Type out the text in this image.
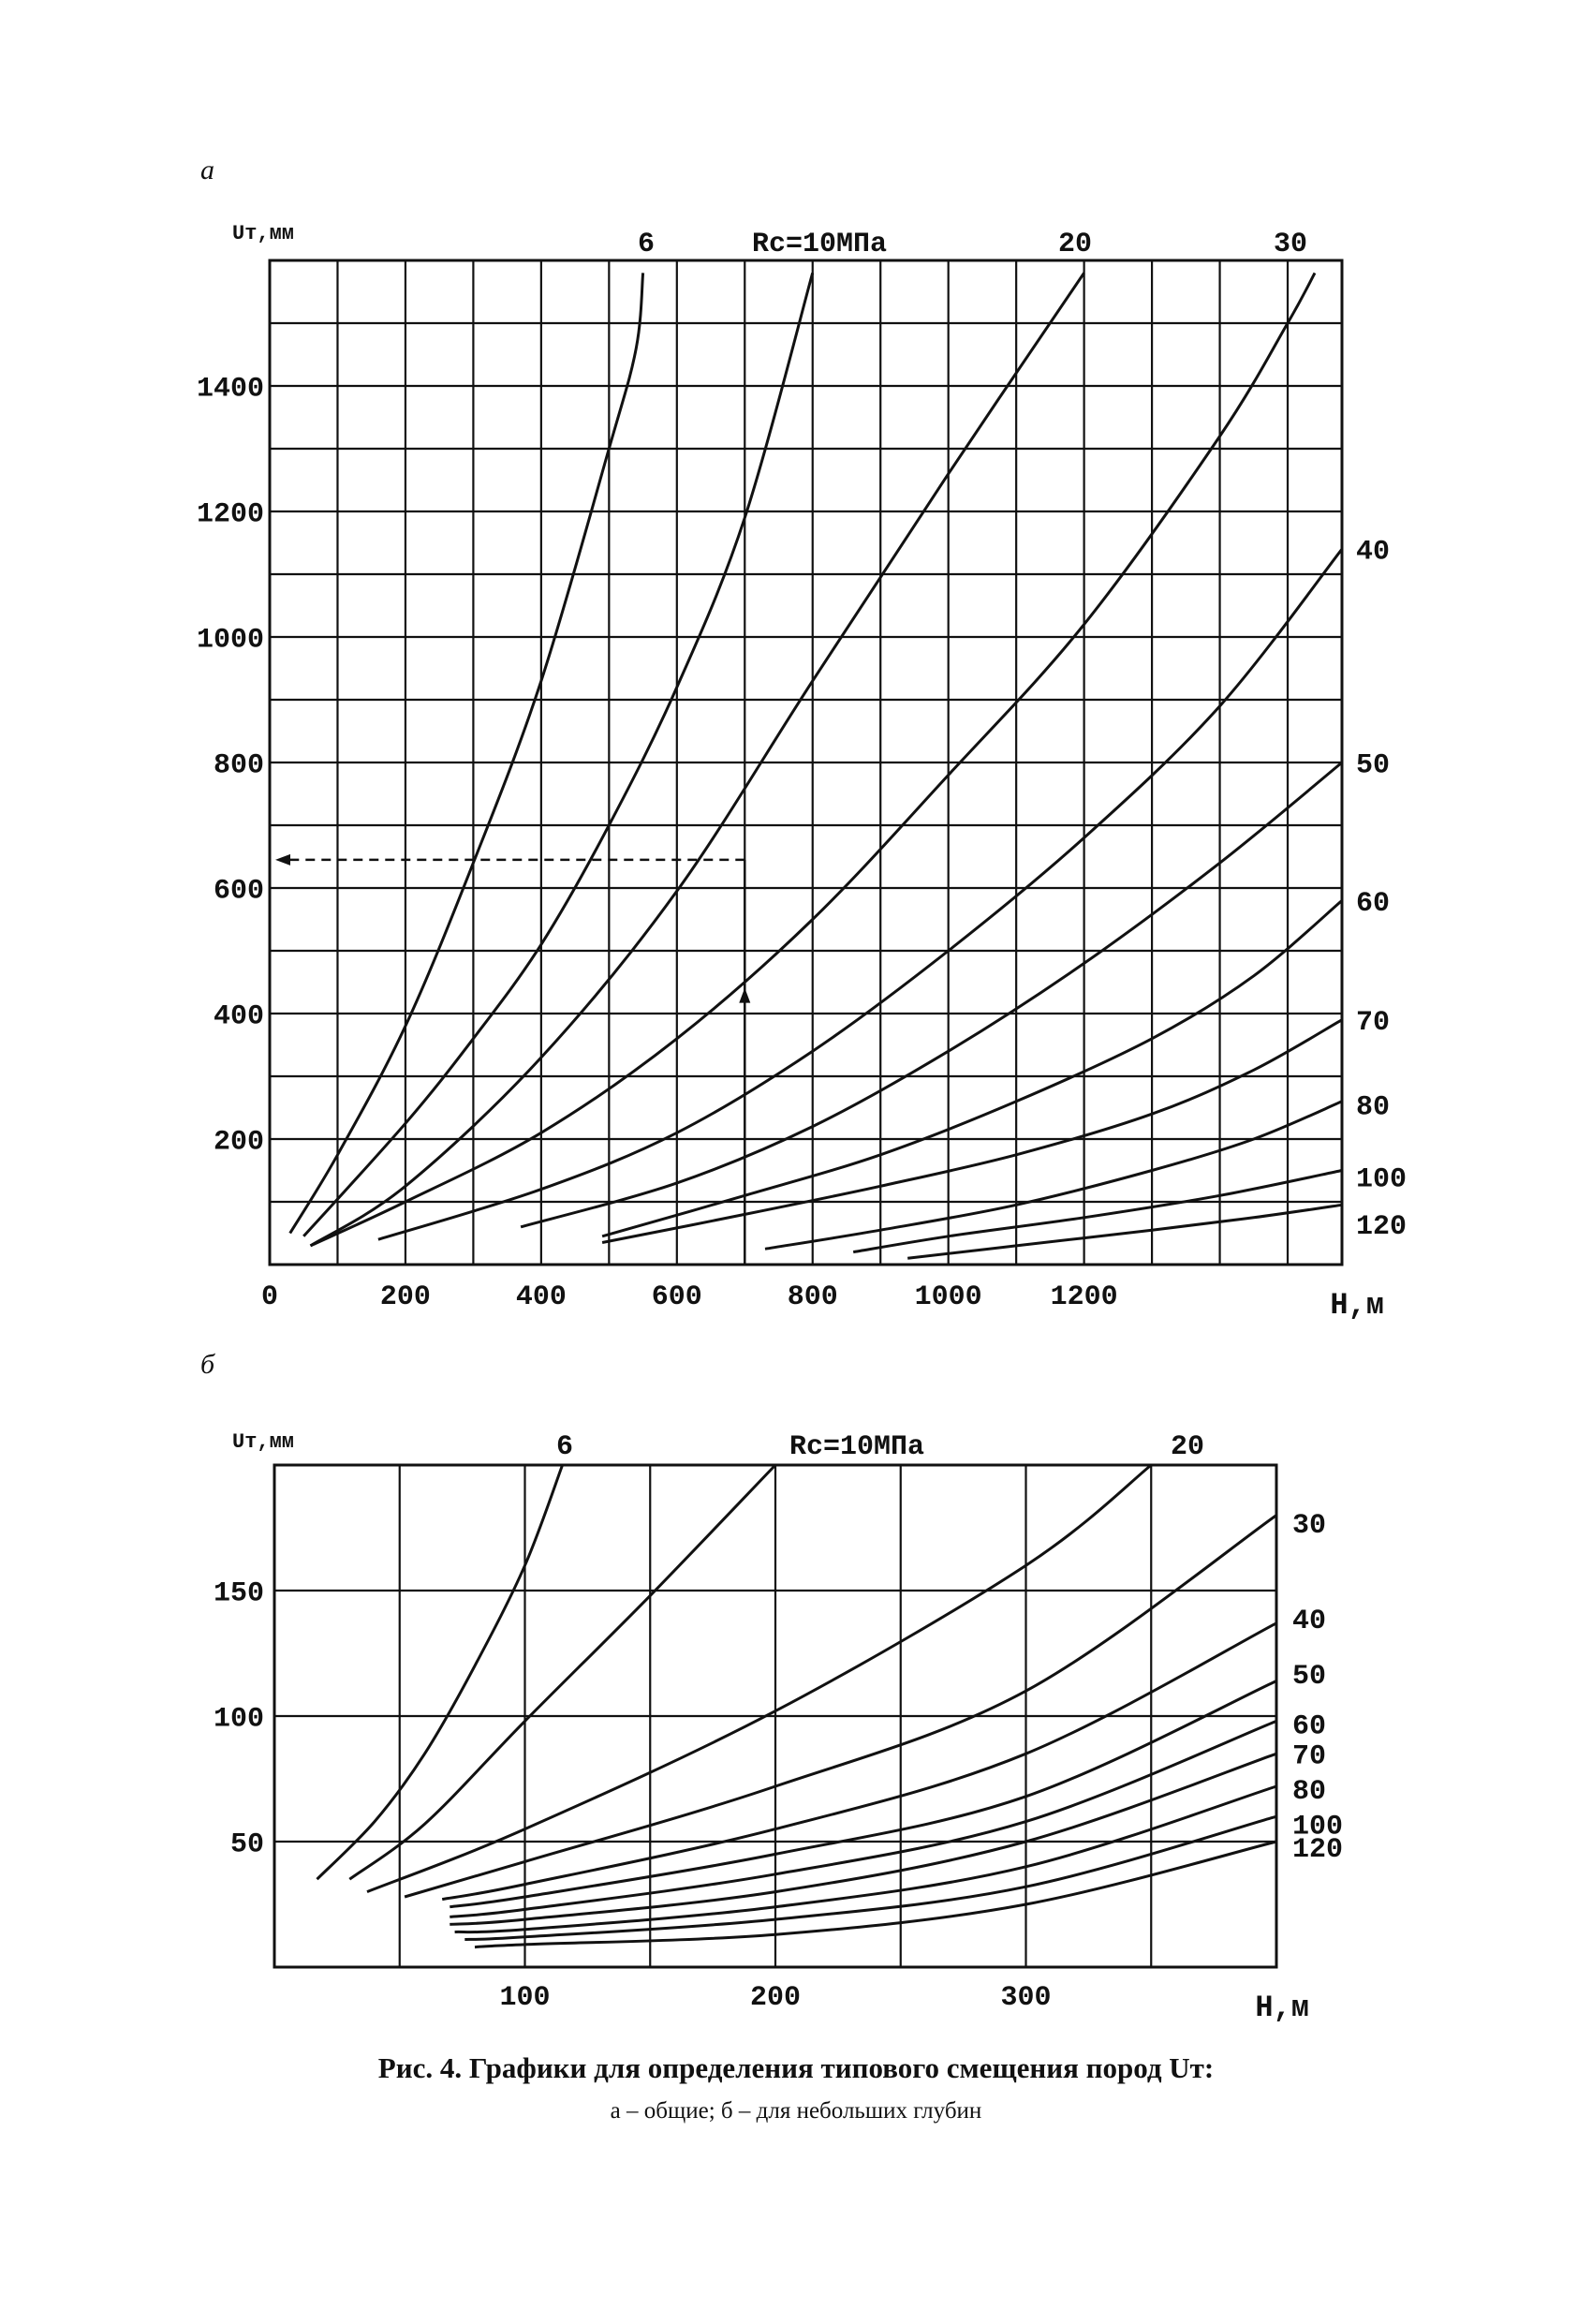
а
б
0	200	400	600	800	1000 1200
200
400
600
800
1000
1200
1400
Uт,мм
H,м
6	Rc=10МПа	20	30
40
50
60
70
80
100
120
100	200	300
50
100
150
Uт,мм
H,м
6	Rc=10МПа	20
30
40
50
60
70
80
100
120
Рис. 4. Графики для определения типового смещения пород Uт:
а – общие; б – для небольших глубин
